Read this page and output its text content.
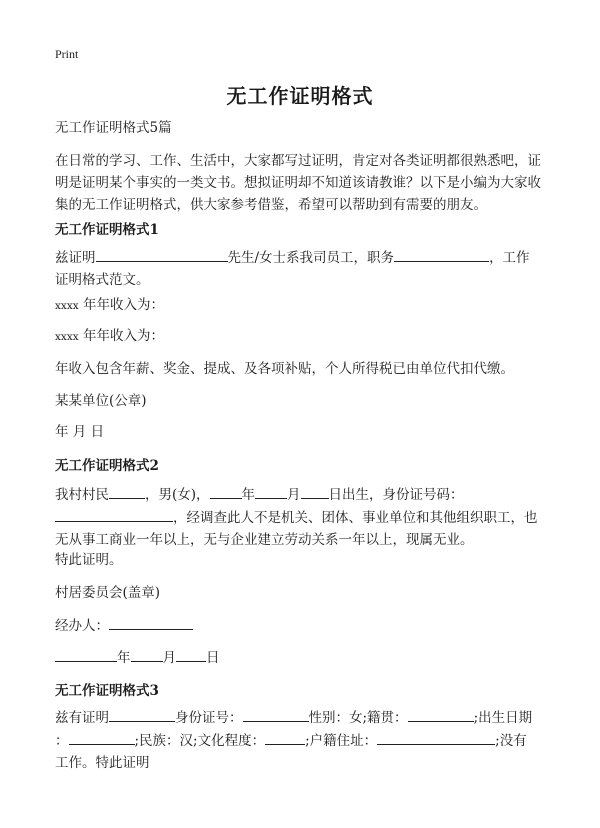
Print
无工作证明格式

无工作证明格式5篇

在日常的学习、工作、生活中，大家都写过证明，肯定对各类证明都很熟悉吧，证
明是证明某个事实的一类文书。想拟证明却不知道该请教谁？以下是小编为大家收
集的无工作证明格式，供大家参考借鉴，希望可以帮助到有需要的朋友。

无工作证明格式1

兹证明	先生/女士系我司员工，职务	，工作
证明格式范文。

xxxx 年年收入为：

xxxx 年年收入为：

年收入包含年薪、奖金、提成、及各项补贴，个人所得税已由单位代扣代缴。

某某单位(公章)

年 月 日

无工作证明格式2

我村村民	，男(女)， 年 月 日出生，身份证号码：
，经调查此人不是机关、团体、事业单位和其他组织职工，也
无从事工商业一年以上，无与企业建立劳动关系一年以上，现属无业。

特此证明。

村居委员会(盖章)

经办人：

年 月 日

无工作证明格式3

兹有证明	身份证号：	性别：女;籍贯：	;出生日期
：	;民族：汉;文化程度：	;户籍住址：	;没有
工作。特此证明
